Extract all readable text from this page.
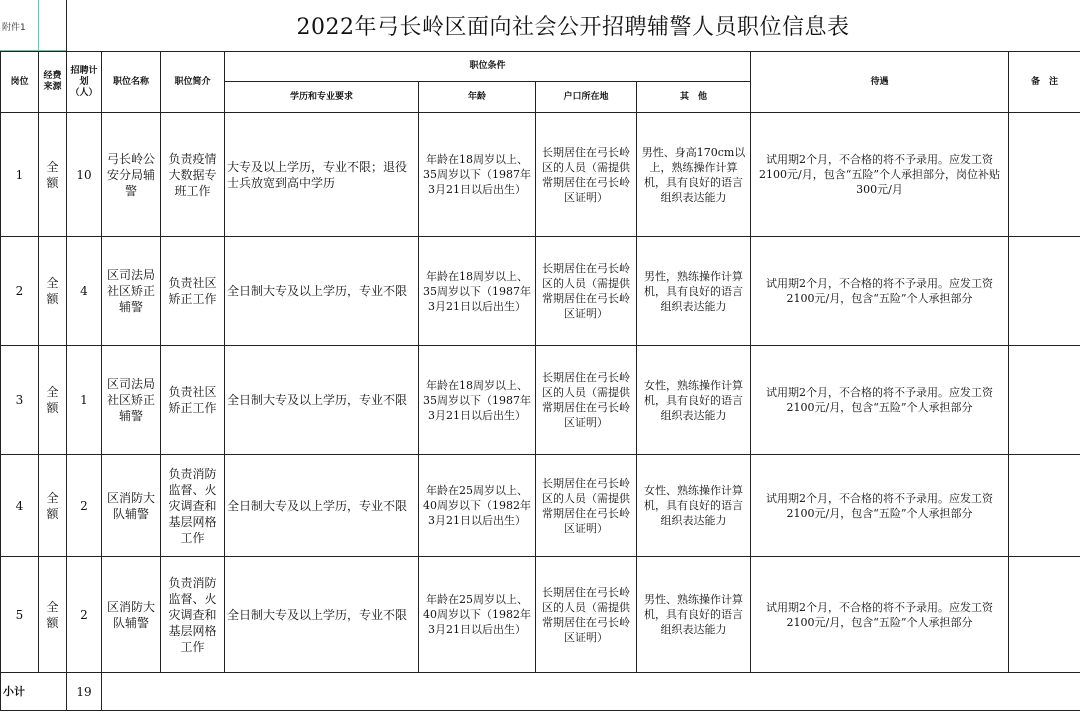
附件1	2022年弓长岭区面向社会公开招聘辅警人员职位信息表
岗位	经费来源	招聘计划（人）	职位名称	职位简介	职位条件				待遇	备　注
					学历和专业要求	年龄	户口所在地	其　他		
1	全额	10	弓长岭公安分局辅警	负责疫情大数据专班工作	大专及以上学历，专业不限；退役士兵放宽到高中学历	年龄在18周岁以上、35周岁以下（1987年3月21日以后出生）	长期居住在弓长岭区的人员（需提供常期居住在弓长岭区证明）	男性、身高170cm以上，熟练操作计算机，具有良好的语言组织表达能力	试用期2个月，不合格的将不予录用。应发工资2100元/月，包含“五险”个人承担部分，岗位补贴300元/月	
2	全额	4	区司法局社区矫正辅警	负责社区矫正工作	全日制大专及以上学历，专业不限	年龄在18周岁以上、35周岁以下（1987年3月21日以后出生）	长期居住在弓长岭区的人员（需提供常期居住在弓长岭区证明）	男性，熟练操作计算机，具有良好的语言组织表达能力	试用期2个月，不合格的将不予录用。应发工资2100元/月，包含“五险”个人承担部分	
3	全额	1	区司法局社区矫正辅警	负责社区矫正工作	全日制大专及以上学历，专业不限	年龄在18周岁以上、35周岁以下（1987年3月21日以后出生）	长期居住在弓长岭区的人员（需提供常期居住在弓长岭区证明）	女性，熟练操作计算机，具有良好的语言组织表达能力	试用期2个月，不合格的将不予录用。应发工资2100元/月，包含“五险”个人承担部分	
4	全额	2	区消防大队辅警	负责消防监督、火灾调查和基层网格工作	全日制大专及以上学历，专业不限	年龄在25周岁以上、40周岁以下（1982年3月21日以后出生）	长期居住在弓长岭区的人员（需提供常期居住在弓长岭区证明）	女性、熟练操作计算机，具有良好的语言组织表达能力	试用期2个月，不合格的将不予录用。应发工资2100元/月，包含“五险”个人承担部分	
5	全额	2	区消防大队辅警	负责消防监督、火灾调查和基层网格工作	全日制大专及以上学历，专业不限	年龄在25周岁以上、40周岁以下（1982年3月21日以后出生）	长期居住在弓长岭区的人员（需提供常期居住在弓长岭区证明）	男性、熟练操作计算机，具有良好的语言组织表达能力	试用期2个月，不合格的将不予录用。应发工资2100元/月，包含“五险”个人承担部分	
小计		19								
